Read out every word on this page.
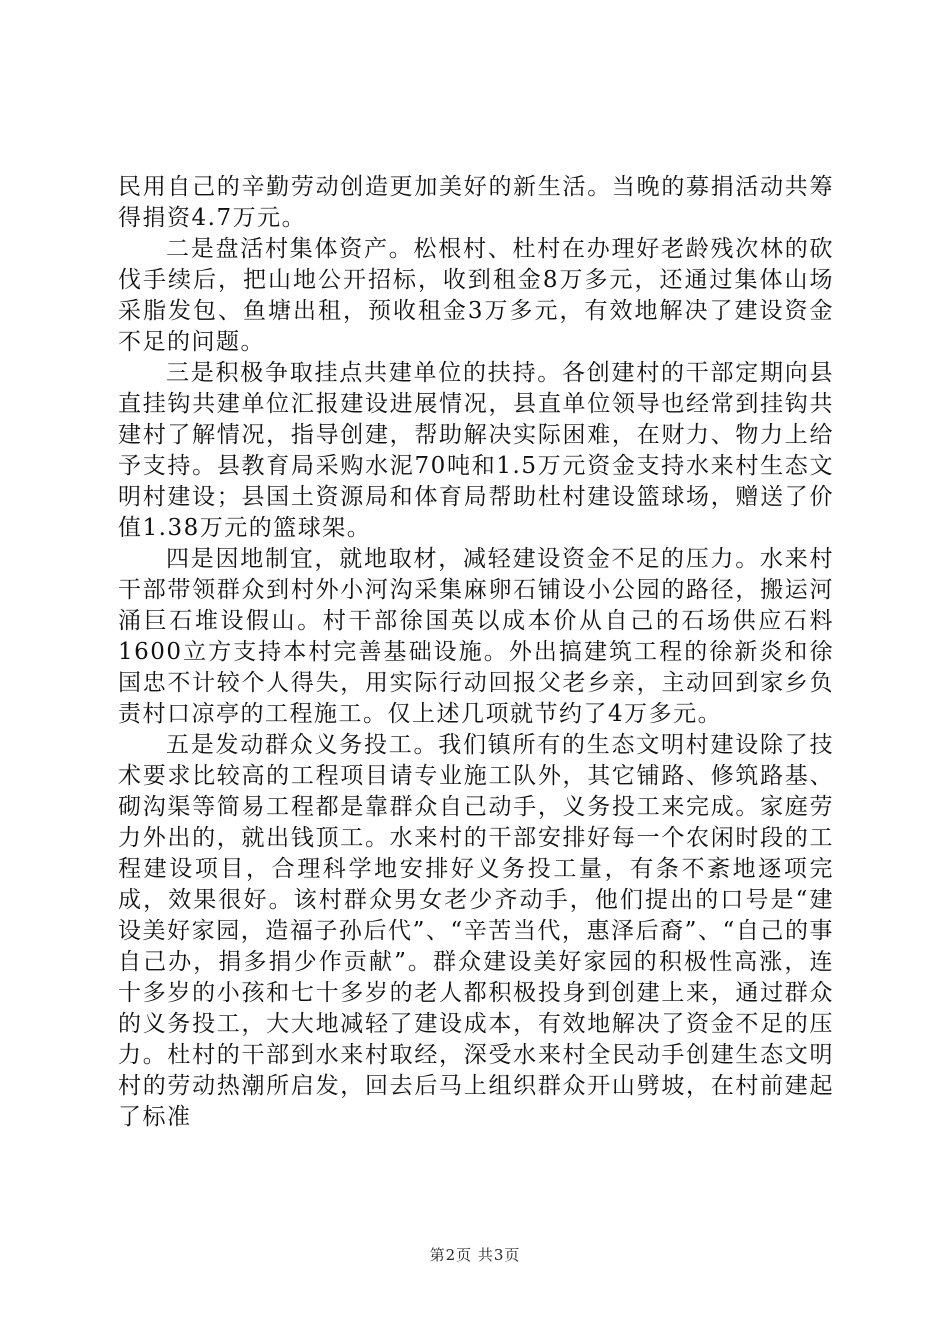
民用自己的辛勤劳动创造更加美好的新生活。当晚的募捐活动共筹得捐资4.7万元。

二是盘活村集体资产。松根村、杜村在办理好老龄残次林的砍伐手续后，把山地公开招标，收到租金8万多元，还通过集体山场采脂发包、鱼塘出租，预收租金3万多元，有效地解决了建设资金不足的问题。

三是积极争取挂点共建单位的扶持。各创建村的干部定期向县直挂钩共建单位汇报建设进展情况，县直单位领导也经常到挂钩共建村了解情况，指导创建，帮助解决实际困难，在财力、物力上给予支持。县教育局采购水泥70吨和1.5万元资金支持水来村生态文明村建设；县国土资源局和体育局帮助杜村建设篮球场，赠送了价值1.38万元的篮球架。

四是因地制宜，就地取材，减轻建设资金不足的压力。水来村干部带领群众到村外小河沟采集麻卵石铺设小公园的路径，搬运河涌巨石堆设假山。村干部徐国英以成本价从自己的石场供应石料1600立方支持本村完善基础设施。外出搞建筑工程的徐新炎和徐国忠不计较个人得失，用实际行动回报父老乡亲，主动回到家乡负责村口凉亭的工程施工。仅上述几项就节约了4万多元。

五是发动群众义务投工。我们镇所有的生态文明村建设除了技术要求比较高的工程项目请专业施工队外，其它铺路、修筑路基、砌沟渠等简易工程都是靠群众自己动手，义务投工来完成。家庭劳力外出的，就出钱顶工。水来村的干部安排好每一个农闲时段的工程建设项目，合理科学地安排好义务投工量，有条不紊地逐项完成，效果很好。该村群众男女老少齐动手，他们提出的口号是“建设美好家园，造福子孙后代”、“辛苦当代，惠泽后裔”、“自己的事自己办，捐多捐少作贡献”。群众建设美好家园的积极性高涨，连十多岁的小孩和七十多岁的老人都积极投身到创建上来，通过群众的义务投工，大大地减轻了建设成本，有效地解决了资金不足的压力。杜村的干部到水来村取经，深受水来村全民动手创建生态文明村的劳动热潮所启发，回去后马上组织群众开山劈坡，在村前建起了标准

第2页 共3页
